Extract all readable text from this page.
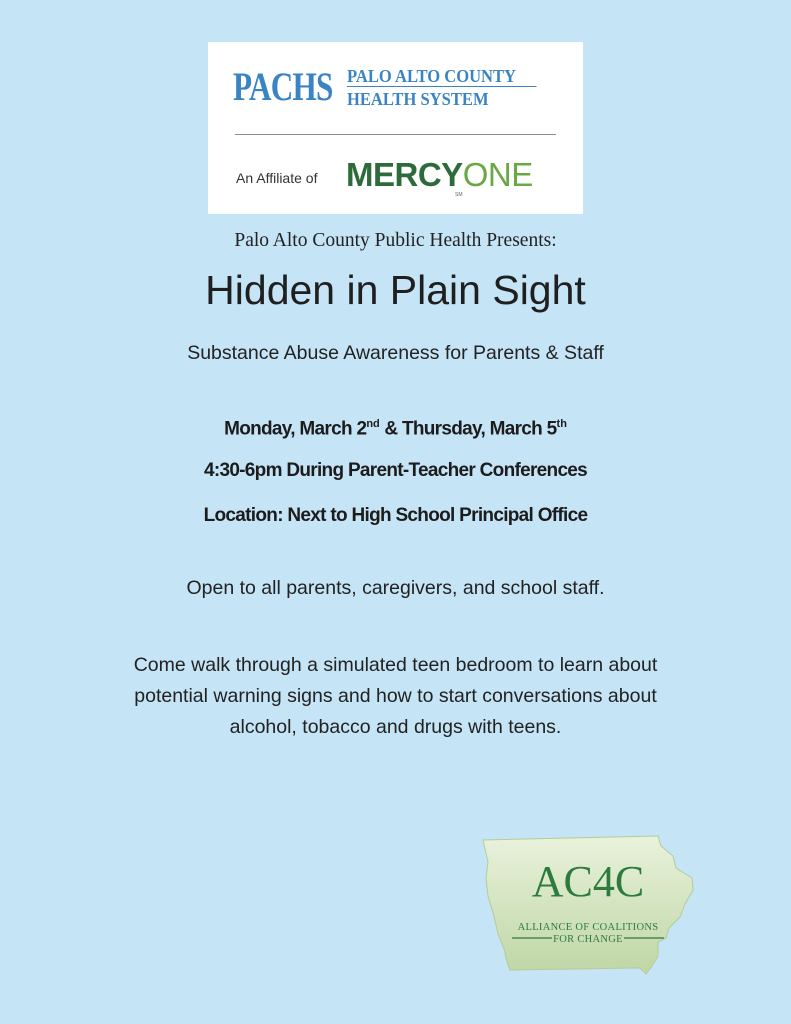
PACHS PALO ALTO COUNTY
HEALTH SYSTEM
An Affiliate of MERCYONE
SM
Palo Alto County Public Health Presents:
Hidden in Plain Sight
Substance Abuse Awareness for Parents & Staff
Monday, March 2nd & Thursday, March 5th
4:30-6pm During Parent-Teacher Conferences
Location: Next to High School Principal Office
Open to all parents, caregivers, and school staff.
Come walk through a simulated teen bedroom to learn about potential warning signs and how to start conversations about alcohol, tobacco and drugs with teens.
AC4C
ALLIANCE OF COALITIONS
FOR CHANGE
